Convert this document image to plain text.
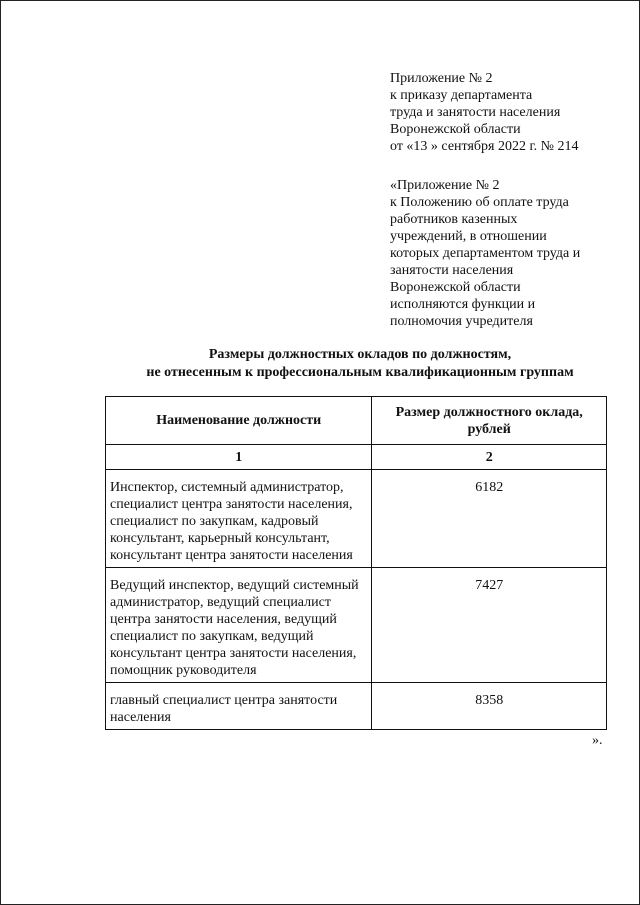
Приложение № 2
к приказу департамента
труда и занятости населения
Воронежской области
от «13 » сентября 2022 г. № 214
«Приложение № 2
к Положению об оплате труда
работников казенных
учреждений, в отношении
которых департаментом труда и
занятости населения
Воронежской области
исполняются функции и
полномочия учредителя
Размеры должностных окладов по должностям,
не отнесенным к профессиональным квалификационным группам
Наименование должности	Размер должностного оклада, рублей
1	2
Инспектор, системный администратор, специалист центра занятости населения, специалист по закупкам, кадровый консультант, карьерный консультант, консультант центра занятости населения	6182
Ведущий инспектор, ведущий системный администратор, ведущий специалист центра занятости населения, ведущий специалист по закупкам, ведущий консультант центра занятости населения, помощник руководителя	7427
главный специалист центра занятости населения	8358
».
